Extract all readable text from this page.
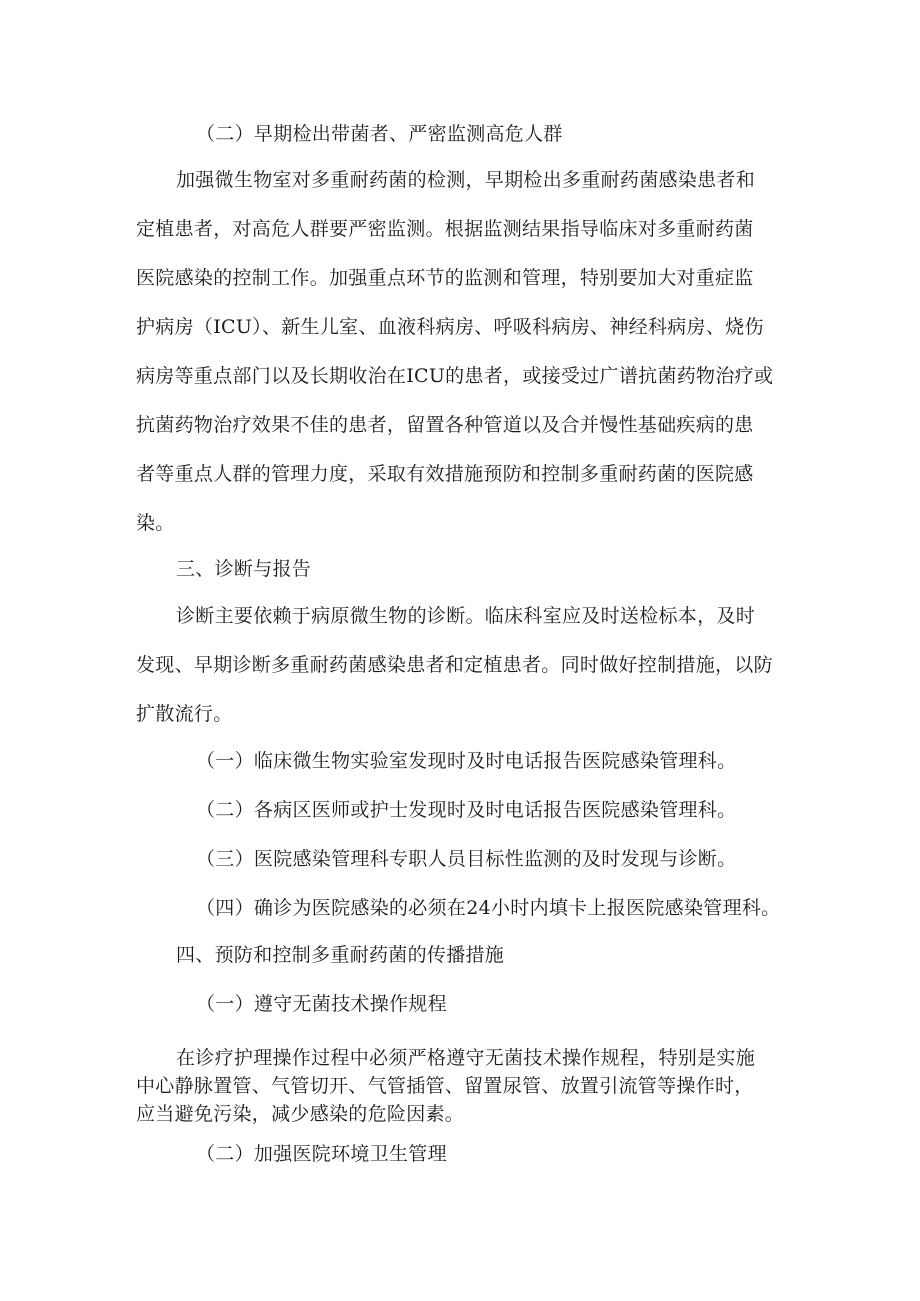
（二）早期检出带菌者、严密监测高危人群
加强微生物室对多重耐药菌的检测，早期检出多重耐药菌感染患者和
定植患者，对高危人群要严密监测。根据监测结果指导临床对多重耐药菌
医院感染的控制工作。加强重点环节的监测和管理，特别要加大对重症监
护病房（ICU）、新生儿室、血液科病房、呼吸科病房、神经科病房、烧伤
病房等重点部门以及长期收治在ICU的患者，或接受过广谱抗菌药物治疗或
抗菌药物治疗效果不佳的患者，留置各种管道以及合并慢性基础疾病的患
者等重点人群的管理力度，采取有效措施预防和控制多重耐药菌的医院感
染。
三、诊断与报告
诊断主要依赖于病原微生物的诊断。临床科室应及时送检标本，及时
发现、早期诊断多重耐药菌感染患者和定植患者。同时做好控制措施，以防
扩散流行。
（一）临床微生物实验室发现时及时电话报告医院感染管理科。
（二）各病区医师或护士发现时及时电话报告医院感染管理科。
（三）医院感染管理科专职人员目标性监测的及时发现与诊断。
（四）确诊为医院感染的必须在24小时内填卡上报医院感染管理科。
四、预防和控制多重耐药菌的传播措施
（一）遵守无菌技术操作规程
在诊疗护理操作过程中必须严格遵守无菌技术操作规程，特别是实施
中心静脉置管、气管切开、气管插管、留置尿管、放置引流管等操作时，
应当避免污染，减少感染的危险因素。
（二）加强医院环境卫生管理
